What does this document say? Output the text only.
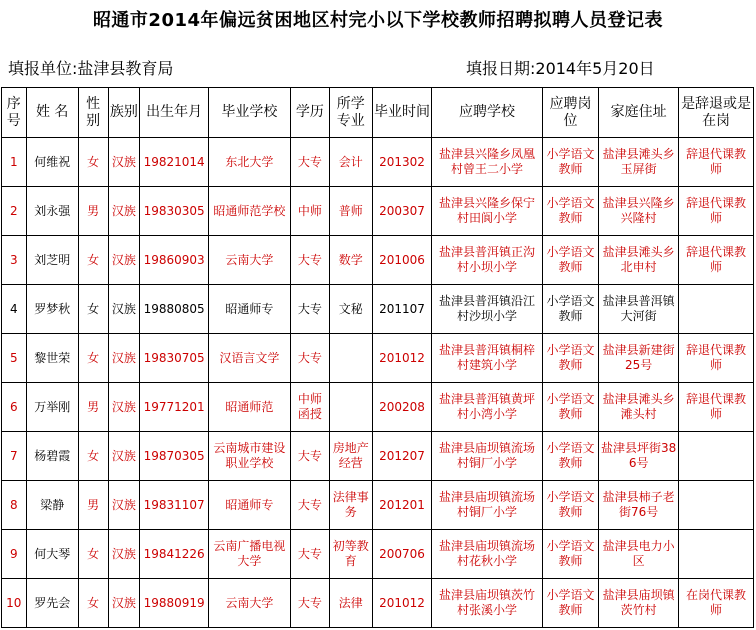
昭通市2014年偏远贫困地区村完小以下学校教师招聘拟聘人员登记表
填报单位:盐津县教育局	填报日期:2014年5月20日
序号	姓 名	性别	族别	出生年月	毕业学校	学历	所学专业	毕业时间	应聘学校	应聘岗位	家庭住址	是辞退或是在岗
1	何维祝	女	汉族	19821014	东北大学	大专	会计	201302	盐津县兴隆乡凤凰村曾王二小学	小学语文教师	盐津县滩头乡玉屏街	辞退代课教师
2	刘永强	男	汉族	19830305	昭通师范学校	中师	普师	200307	盐津县兴隆乡保宁村田阆小学	小学语文教师	盐津县兴隆乡兴隆村	辞退代课教师
3	刘芝明	女	汉族	19860903	云南大学	大专	数学	201006	盐津县普洱镇正沟村小坝小学	小学语文教师	盐津县滩头乡北申村	辞退代课教师
4	罗梦秋	女	汉族	19880805	昭通师专	大专	文秘	201107	盐津县普洱镇沿江村沙坝小学	小学语文教师	盐津县普洱镇大河街	
5	黎世荣	女	汉族	19830705	汉语言文学	大专		201012	盐津县普洱镇桐梓村建筑小学	小学语文教师	盐津县新建街25号	辞退代课教师
6	万举刚	男	汉族	19771201	昭通师范	中师函授		200208	盐津县普洱镇黄坪村小湾小学	小学语文教师	盐津县滩头乡滩头村	辞退代课教师
7	杨碧霞	女	汉族	19870305	云南城市建设职业学校	大专	房地产经营	201207	盐津县庙坝镇流场村铜厂小学	小学语文教师	盐津县坪街386号	
8	梁静	男	汉族	19831107	昭通师专	大专	法律事务	201201	盐津县庙坝镇流场村铜厂小学	小学语文教师	盐津县柿子老街76号	
9	何大琴	女	汉族	19841226	云南广播电视大学	大专	初等教育	200706	盐津县庙坝镇流场村花秋小学	小学语文教师	盐津县电力小区	
10	罗先会	女	汉族	19880919	云南大学	大专	法律	201012	盐津县庙坝镇茨竹村张溪小学	小学语文教师	盐津县庙坝镇茨竹村	在岗代课教师
